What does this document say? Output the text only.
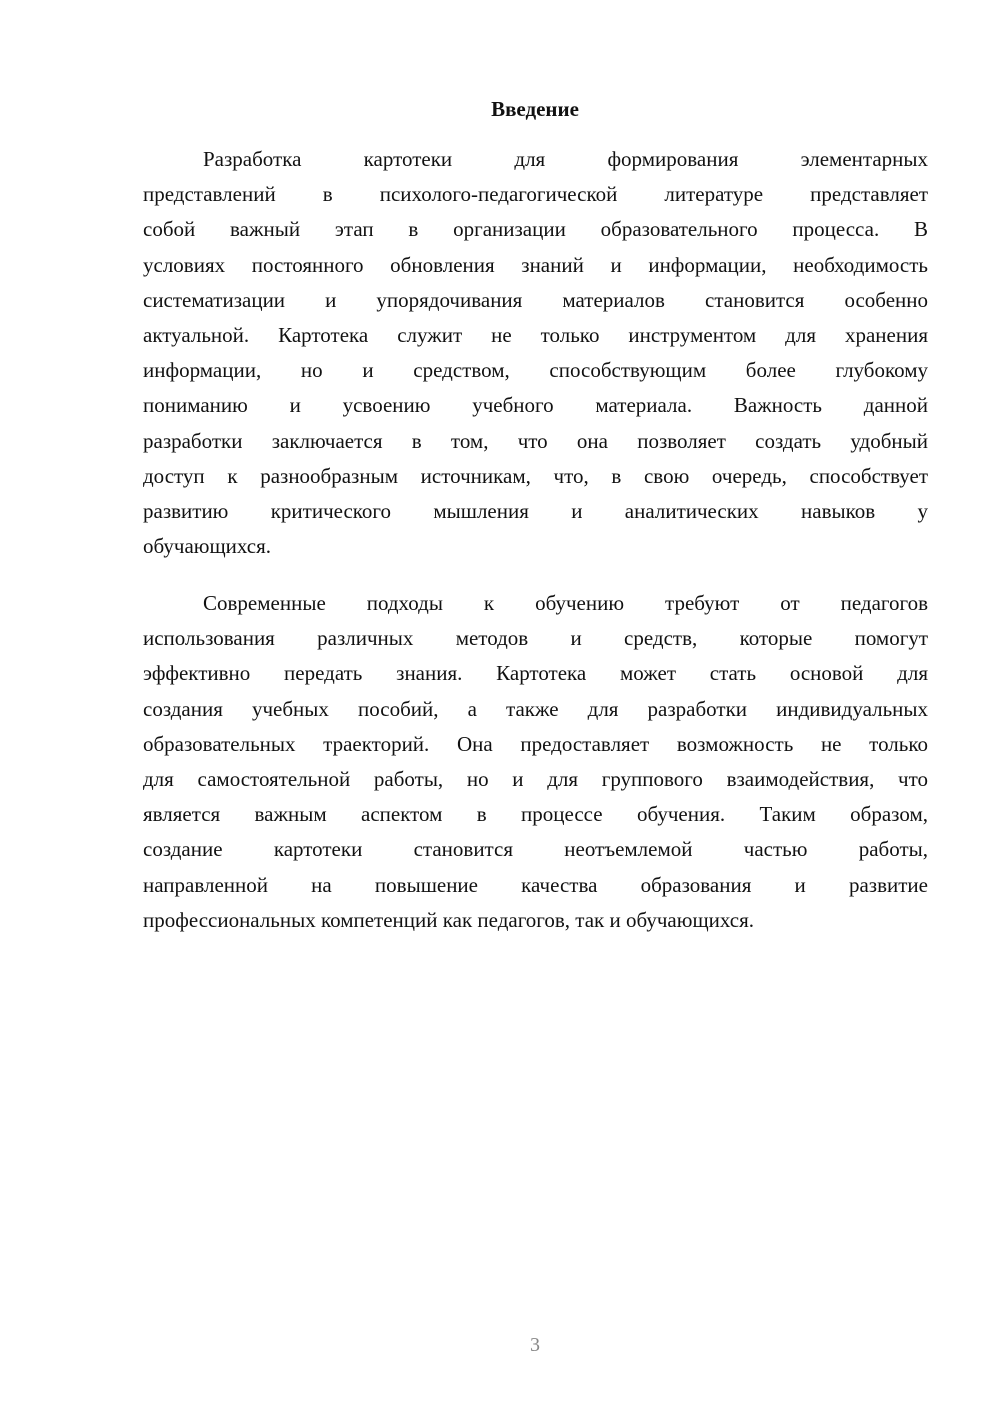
Введение
Разработка картотеки для формирования элементарных
представлений в психолого-педагогической литературе представляет
собой важный этап в организации образовательного процесса. В
условиях постоянного обновления знаний и информации, необходимость
систематизации и упорядочивания материалов становится особенно
актуальной. Картотека служит не только инструментом для хранения
информации, но и средством, способствующим более глубокому
пониманию и усвоению учебного материала. Важность данной
разработки заключается в том, что она позволяет создать удобный
доступ к разнообразным источникам, что, в свою очередь, способствует
развитию критического мышления и аналитических навыков у
обучающихся.
Современные подходы к обучению требуют от педагогов
использования различных методов и средств, которые помогут
эффективно передать знания. Картотека может стать основой для
создания учебных пособий, а также для разработки индивидуальных
образовательных траекторий. Она предоставляет возможность не только
для самостоятельной работы, но и для группового взаимодействия, что
является важным аспектом в процессе обучения. Таким образом,
создание картотеки становится неотъемлемой частью работы,
направленной на повышение качества образования и развитие
профессиональных компетенций как педагогов, так и обучающихся.
3
